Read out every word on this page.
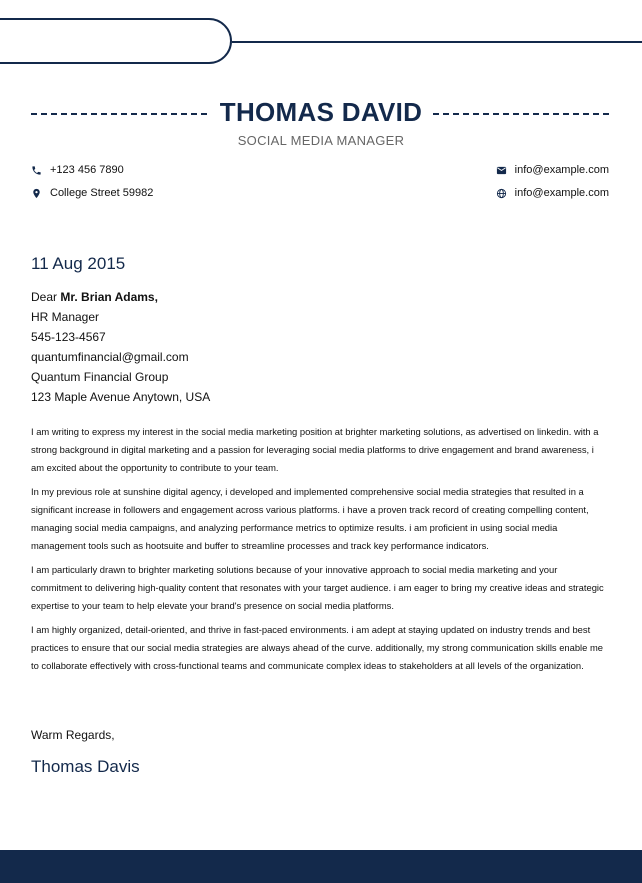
THOMAS DAVID
SOCIAL MEDIA MANAGER
+123 456 7890
College Street 59982
info@example.com
info@example.com
11 Aug 2015
Dear Mr. Brian Adams,
HR Manager
545-123-4567
quantumfinancial@gmail.com
Quantum Financial Group
123 Maple Avenue Anytown, USA

I am writing to express my interest in the social media marketing position at brighter marketing solutions, as advertised on linkedin. with a strong background in digital marketing and a passion for leveraging social media platforms to drive engagement and brand awareness, i am excited about the opportunity to contribute to your team.

In my previous role at sunshine digital agency, i developed and implemented comprehensive social media strategies that resulted in a significant increase in followers and engagement across various platforms. i have a proven track record of creating compelling content, managing social media campaigns, and analyzing performance metrics to optimize results. i am proficient in using social media management tools such as hootsuite and buffer to streamline processes and track key performance indicators.

I am particularly drawn to brighter marketing solutions because of your innovative approach to social media marketing and your commitment to delivering high-quality content that resonates with your target audience. i am eager to bring my creative ideas and strategic expertise to your team to help elevate your brand's presence on social media platforms.

I am highly organized, detail-oriented, and thrive in fast-paced environments. i am adept at staying updated on industry trends and best practices to ensure that our social media strategies are always ahead of the curve. additionally, my strong communication skills enable me to collaborate effectively with cross-functional teams and communicate complex ideas to stakeholders at all levels of the organization.

Warm Regards,
Thomas Davis
